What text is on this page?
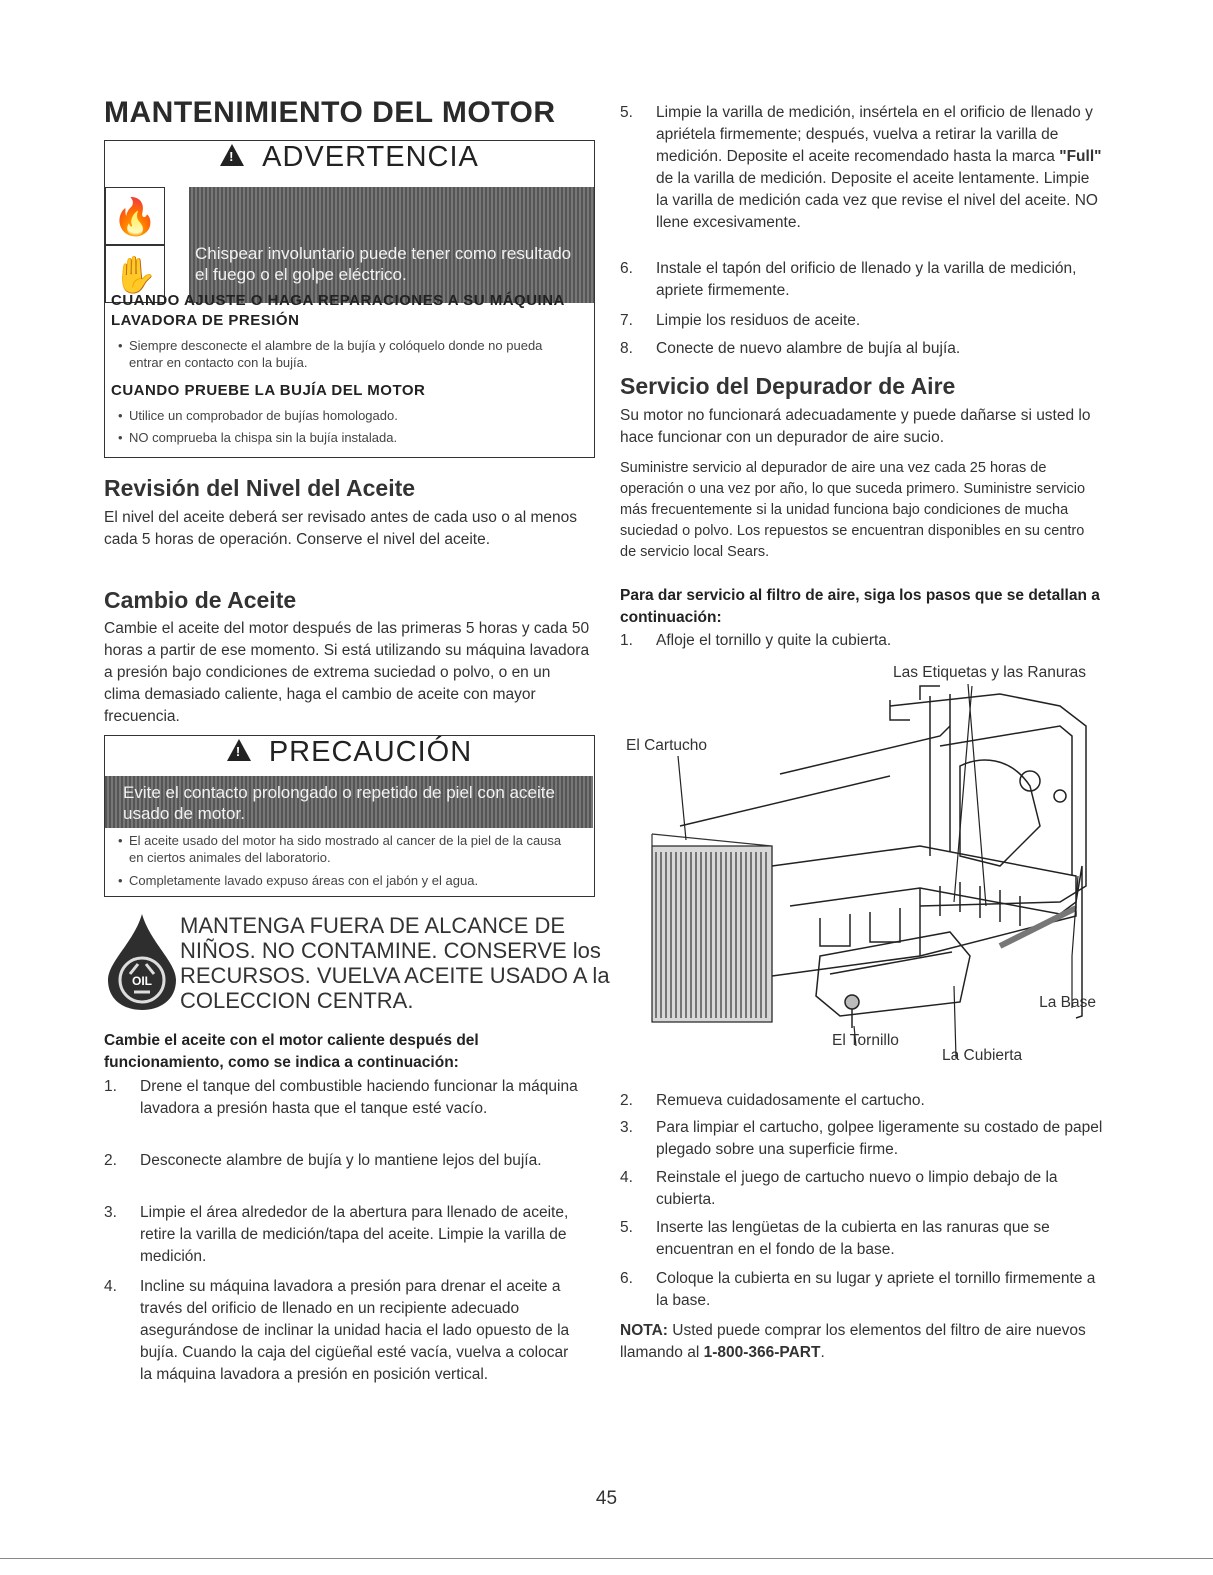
MANTENIMIENTO DEL MOTOR
!ADVERTENCIA
Chispear involuntario puede tener como resultado el fuego o el golpe eléctrico.
🔥
✋
CUANDO AJUSTE O HAGA REPARACIONES A SU MÁQUINA LAVADORA DE PRESIÓN
• Siempre desconecte el alambre de la bujía y colóquelo donde no pueda entrar en contacto con la bujía.
CUANDO PRUEBE LA BUJÍA DEL MOTOR
• Utilice un comprobador de bujías homologado.
• NO comprueba la chispa sin la bujía instalada.
Revisión del Nivel del Aceite

El nivel del aceite deberá ser revisado antes de cada uso o al menos cada 5 horas de operación. Conserve el nivel del aceite.

Cambio de Aceite

Cambie el aceite del motor después de las primeras 5 horas y cada 50 horas a partir de ese momento. Si está utilizando su máquina lavadora a presión bajo condiciones de extrema suciedad o polvo, o en un clima demasiado caliente, haga el cambio de aceite con mayor frecuencia.

!PRECAUCIÓN
Evite el contacto prolongado o repetido de piel con aceite usado de motor.
• El aceite usado del motor ha sido mostrado al cancer de la piel de la causa en ciertos animales del laboratorio.
• Completamente lavado expuso áreas con el jabón y el agua.
OIL
MANTENGA FUERA DE ALCANCE DE
NIÑOS. NO CONTAMINE. CONSERVE los
RECURSOS. VUELVA ACEITE USADO A la
COLECCION CENTRA.

Cambie el aceite con el motor caliente después del funcionamiento, como se indica a continuación:

1. Drene el tanque del combustible haciendo funcionar la máquina lavadora a presión hasta que el tanque esté vacío.
2. Desconecte alambre de bujía y lo mantiene lejos del bujía.
3. Limpie el área alrededor de la abertura para llenado de aceite, retire la varilla de medición/tapa del aceite. Limpie la varilla de medición.
4. Incline su máquina lavadora a presión para drenar el aceite a través del orificio de llenado en un recipiente adecuado asegurándose de inclinar la unidad hacia el lado opuesto de la bujía. Cuando la caja del cigüeñal esté vacía, vuelva a colocar la máquina lavadora a presión en posición vertical.
5. Limpie la varilla de medición, insértela en el orificio de llenado y apriétela firmemente; después, vuelva a retirar la varilla de medición. Deposite el aceite recomendado hasta la marca "Full" de la varilla de medición. Deposite el aceite lentamente. Limpie la varilla de medición cada vez que revise el nivel del aceite. NO llene excesivamente.
6. Instale el tapón del orificio de llenado y la varilla de medición, apriete firmemente.
7. Limpie los residuos de aceite.
8. Conecte de nuevo alambre de bujía al bujía.
Servicio del Depurador de Aire

Su motor no funcionará adecuadamente y puede dañarse si usted lo hace funcionar con un depurador de aire sucio.

Suministre servicio al depurador de aire una vez cada 25 horas de operación o una vez por año, lo que suceda primero. Suministre servicio más frecuentemente si la unidad funciona bajo condiciones de mucha suciedad o polvo. Los repuestos se encuentran disponibles en su centro de servicio local Sears.

Para dar servicio al filtro de aire, siga los pasos que se detallan a continuación:

1. Afloje el tornillo y quite la cubierta.
Las Etiquetas y las Ranuras
El Cartucho
La Base
El Tornillo
La Cubierta
2. Remueva cuidadosamente el cartucho.
3. Para limpiar el cartucho, golpee ligeramente su costado de papel plegado sobre una superficie firme.
4. Reinstale el juego de cartucho nuevo o limpio debajo de la cubierta.
5. Inserte las lengüetas de la cubierta en las ranuras que se encuentran en el fondo de la base.
6. Coloque la cubierta en su lugar y apriete el tornillo firmemente a la base.

NOTA: Usted puede comprar los elementos del filtro de aire nuevos llamando al 1-800-366-PART.

45
